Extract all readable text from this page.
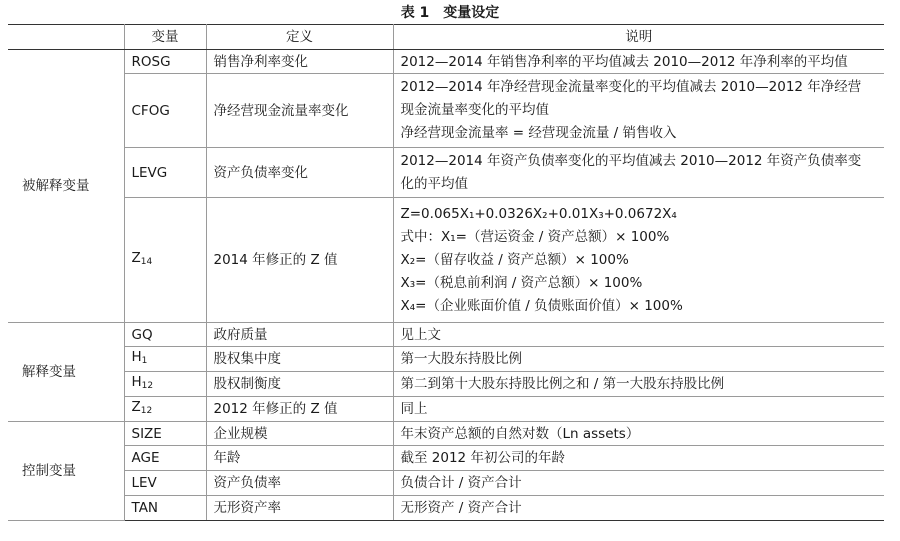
表 1　变量设定
	变量	定义	说明
被解释变量	ROSG	销售净利率变化	2012—2014 年销售净利率的平均值减去 2010—2012 年净利率的平均值
	CFOG	净经营现金流量率变化	2012—2014 年净经营现金流量率变化的平均值减去 2010—2012 年净经营
现金流量率变化的平均值
净经营现金流量率 = 经营现金流量 / 销售收入

	LEVG	资产负债率变化	2012—2014 年资产负债率变化的平均值减去 2010—2012 年资产负债率变
化的平均值

	$Z_{14}$	2014 年修正的 Z 值	Z=0.065X₁+0.0326X₂+0.01X₃+0.0672X₄
式中：X₁=（营运资金 / 资产总额）× 100%
X₂=（留存收益 / 资产总额）× 100%
X₃=（税息前利润 / 资产总额）× 100%
X₄=（企业账面价值 / 负债账面价值）× 100%

解释变量	GQ	政府质量	见上文
	$H_1$	股权集中度	第一大股东持股比例
	$H_{12}$	股权制衡度	第二到第十大股东持股比例之和 / 第一大股东持股比例
	$Z_{12}$	2012 年修正的 Z 值	同上
控制变量	SIZE	企业规模	年末资产总额的自然对数（Ln assets）
	AGE	年龄	截至 2012 年初公司的年龄
	LEV	资产负债率	负债合计 / 资产合计
	TAN	无形资产率	无形资产 / 资产合计
